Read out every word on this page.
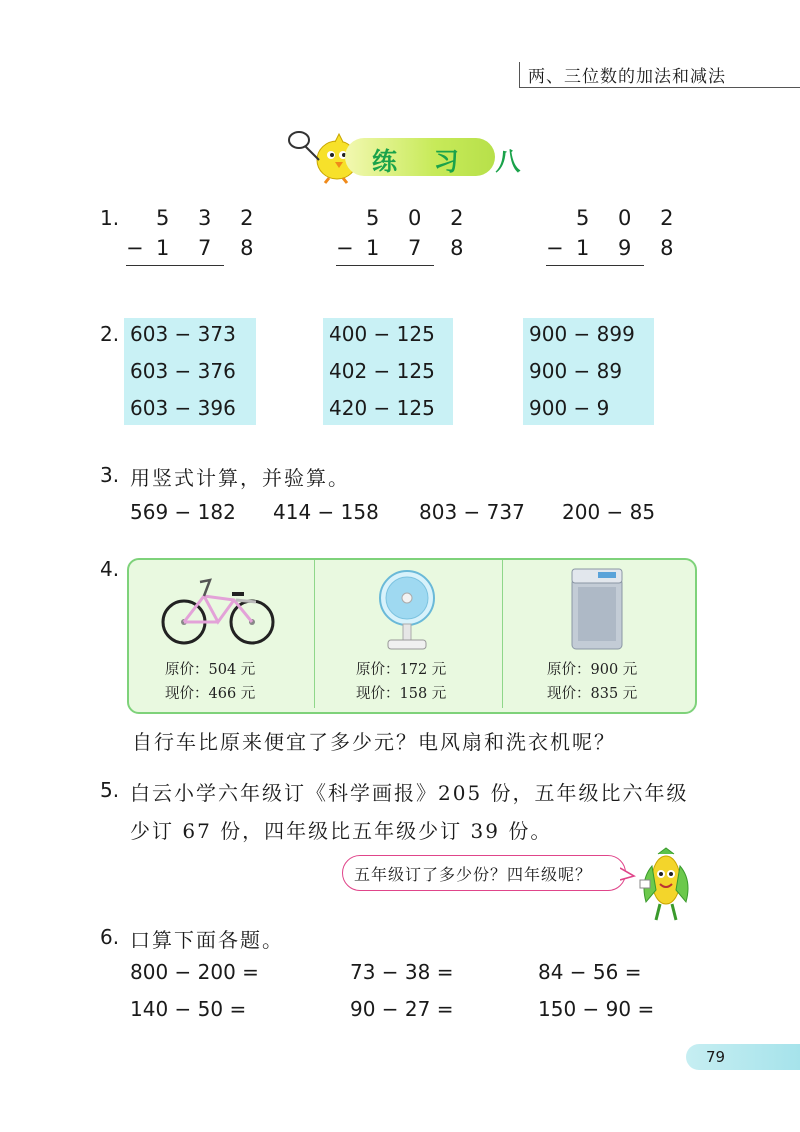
两、三位数的加法和减法
练 习 八
1. 5 3 2
− 1 7 8
5 0 2
− 1 7 8
5 0 2
− 1 9 8
2. 603 − 373
603 − 376
603 − 396
400 − 125
402 − 125
420 − 125
900 − 899
900 − 89
900 − 9
3. 用竖式计算，并验算。
569 − 182 414 − 158 803 − 737 200 − 85
4.
原价：504 元
现价：466 元
原价：172 元
现价：158 元
原价：900 元
现价：835 元
自行车比原来便宜了多少元？电风扇和洗衣机呢？
5. 白云小学六年级订《科学画报》205 份，五年级比六年级
少订 67 份，四年级比五年级少订 39 份。
五年级订了多少份？四年级呢？
6. 口算下面各题。
800 − 200 =	73 − 38 =	84 − 56 =
140 − 50 =	90 − 27 =	150 − 90 =
79
